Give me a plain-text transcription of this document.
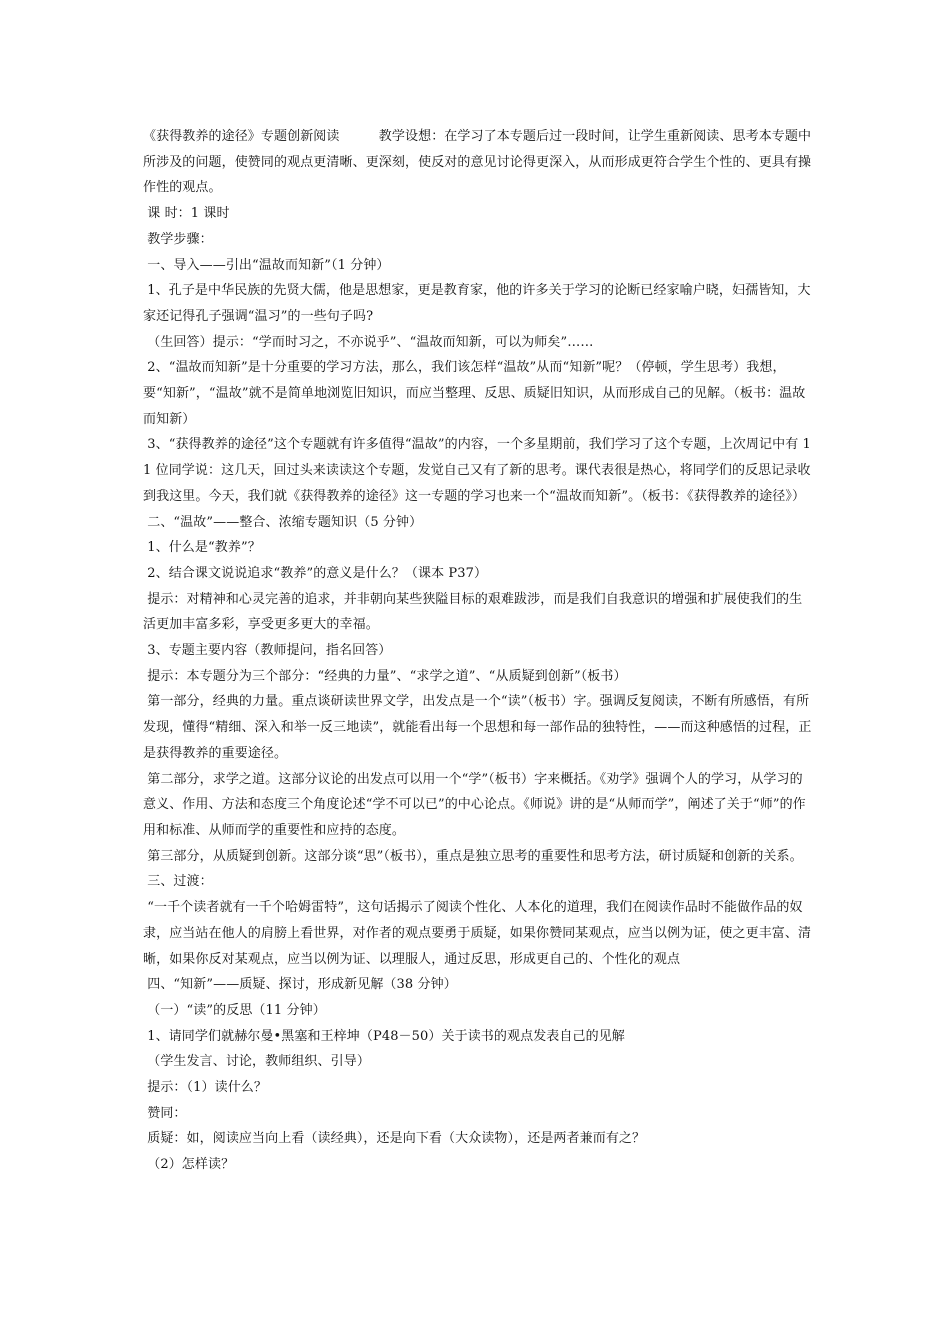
《获得教养的途径》专题创新阅读　　　教学设想：在学习了本专题后过一段时间，让学生重新阅读、思考本专题中所涉及的问题，使赞同的观点更清晰、更深刻，使反对的意见讨论得更深入，从而形成更符合学生个性的、更具有操作性的观点。

课 时：1 课时

教学步骤：

一、导入——引出“温故而知新”（1 分钟）

1、孔子是中华民族的先贤大儒，他是思想家，更是教育家，他的许多关于学习的论断已经家喻户晓，妇孺皆知，大家还记得孔子强调“温习”的一些句子吗?

（生回答）提示：“学而时习之，不亦说乎”、“温故而知新，可以为师矣”……

2、“温故而知新”是十分重要的学习方法，那么，我们该怎样“温故”从而“知新”呢？（停顿，学生思考）我想，要“知新”，“温故”就不是简单地浏览旧知识，而应当整理、反思、质疑旧知识，从而形成自己的见解。（板书：温故而知新）

3、“获得教养的途径”这个专题就有许多值得“温故”的内容，一个多星期前，我们学习了这个专题，上次周记中有 11 位同学说：这几天，回过头来读读这个专题，发觉自己又有了新的思考。课代表很是热心，将同学们的反思记录收到我这里。今天，我们就《获得教养的途径》这一专题的学习也来一个“温故而知新”。（板书：《获得教养的途径》）

二、“温故”——整合、浓缩专题知识（5 分钟）

1、什么是“教养”？

2、结合课文说说追求“教养”的意义是什么？（课本 P37）

提示：对精神和心灵完善的追求，并非朝向某些狭隘目标的艰难跋涉，而是我们自我意识的增强和扩展使我们的生活更加丰富多彩，享受更多更大的幸福。

3、专题主要内容（教师提问，指名回答）

提示：本专题分为三个部分：“经典的力量”、“求学之道”、“从质疑到创新”（板书）

第一部分，经典的力量。重点谈研读世界文学，出发点是一个“读”（板书）字。强调反复阅读，不断有所感悟，有所发现，懂得“精细、深入和举一反三地读”，就能看出每一个思想和每一部作品的独特性，——而这种感悟的过程，正是获得教养的重要途径。

第二部分，求学之道。这部分议论的出发点可以用一个“学”（板书）字来概括。《劝学》强调个人的学习，从学习的意义、作用、方法和态度三个角度论述“学不可以已”的中心论点。《师说》讲的是“从师而学”，阐述了关于“师”的作用和标准、从师而学的重要性和应持的态度。

第三部分，从质疑到创新。这部分谈“思”（板书），重点是独立思考的重要性和思考方法，研讨质疑和创新的关系。

三、过渡：

“一千个读者就有一千个哈姆雷特”，这句话揭示了阅读个性化、人本化的道理，我们在阅读作品时不能做作品的奴隶，应当站在他人的肩膀上看世界，对作者的观点要勇于质疑，如果你赞同某观点，应当以例为证，使之更丰富、清晰，如果你反对某观点，应当以例为证、以理服人，通过反思，形成更自己的、个性化的观点

四、“知新”——质疑、探讨，形成新见解（38 分钟）

（一）“读”的反思（11 分钟）

1、请同学们就赫尔曼•黑塞和王梓坤（P48－50）关于读书的观点发表自己的见解

（学生发言、讨论，教师组织、引导）

提示：（1）读什么？

赞同：

质疑：如，阅读应当向上看（读经典），还是向下看（大众读物），还是两者兼而有之？

（2）怎样读？
